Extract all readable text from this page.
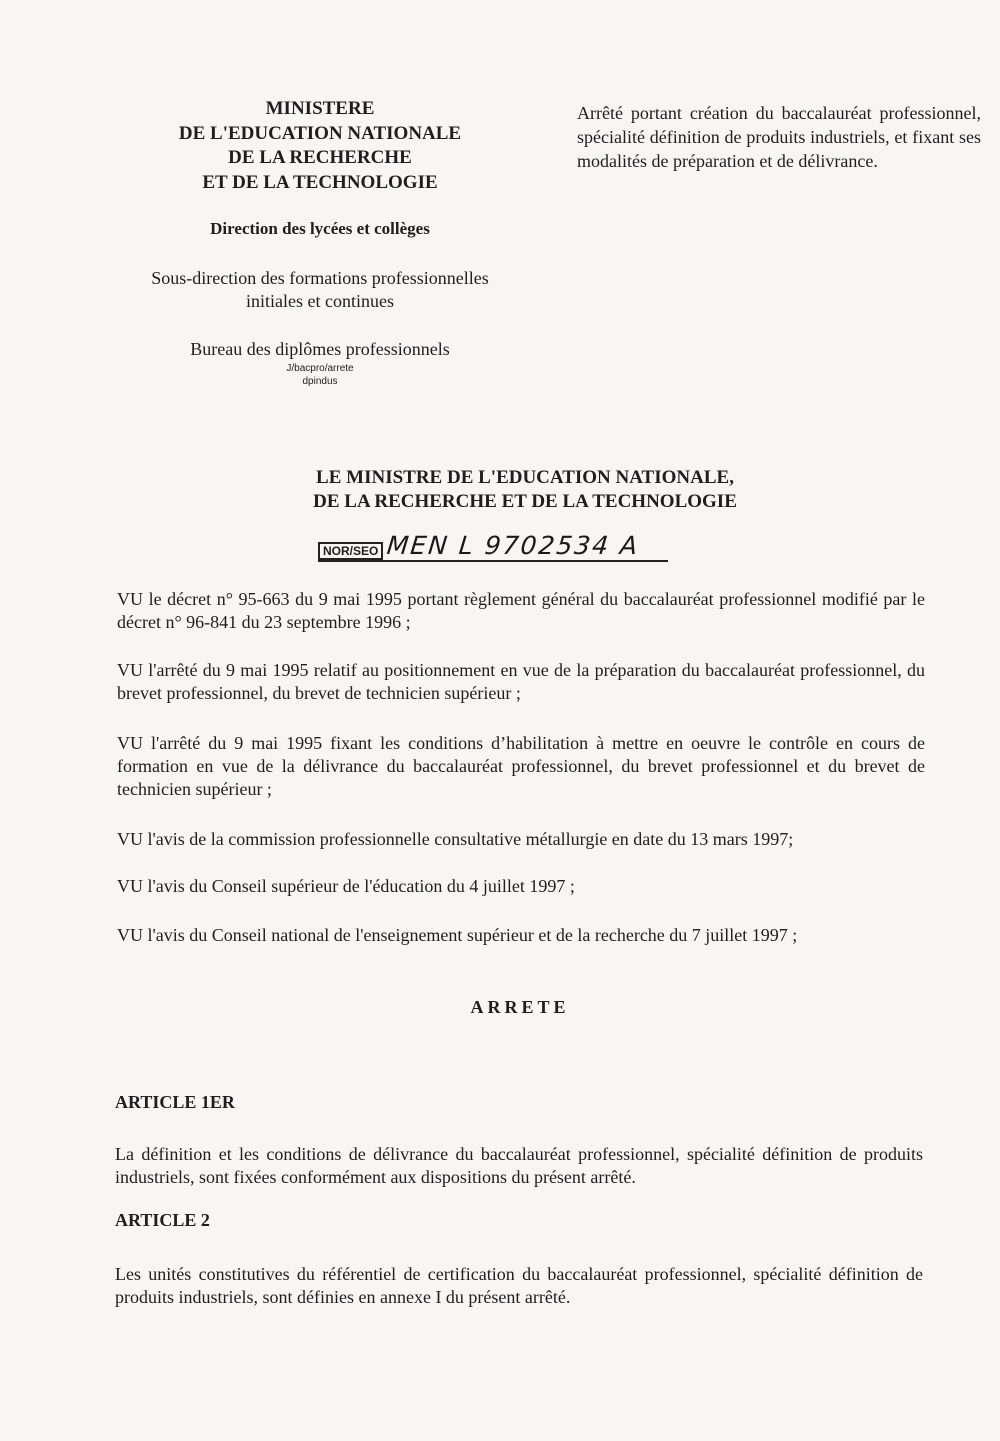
MINISTERE
DE L'EDUCATION NATIONALE
DE LA RECHERCHE
ET DE LA TECHNOLOGIE
Direction des lycées et collèges
Sous-direction des formations professionnelles
initiales et continues
Bureau des diplômes professionnels
J/bacpro/arrete
dpindus
Arrêté portant création du baccalauréat professionnel, spécialité définition de produits industriels, et fixant ses modalités de préparation et de délivrance.
LE MINISTRE DE L'EDUCATION NATIONALE,
DE LA RECHERCHE ET DE LA TECHNOLOGIE
NOR/SEO MEN L 9702534 A
VU le décret n° 95-663 du 9 mai 1995 portant règlement général du baccalauréat professionnel modifié par le décret n° 96-841 du 23 septembre 1996 ;
VU l'arrêté du 9 mai 1995 relatif au positionnement en vue de la préparation du baccalauréat professionnel, du brevet professionnel, du brevet de technicien supérieur ;
VU l'arrêté du 9 mai 1995 fixant les conditions d’habilitation à mettre en oeuvre le contrôle en cours de formation en vue de la délivrance du baccalauréat professionnel, du brevet professionnel et du brevet de technicien supérieur ;
VU l'avis de la commission professionnelle consultative métallurgie en date du 13 mars 1997;
VU l'avis du Conseil supérieur de l'éducation du 4 juillet 1997 ;
VU l'avis du Conseil national de l'enseignement supérieur et de la recherche du 7 juillet 1997 ;
ARRETE
ARTICLE 1ER
La définition et les conditions de délivrance du baccalauréat professionnel, spécialité définition de produits industriels, sont fixées conformément aux dispositions du présent arrêté.
ARTICLE 2
Les unités constitutives du référentiel de certification du baccalauréat professionnel, spécialité définition de produits industriels, sont définies en annexe I du présent arrêté.
